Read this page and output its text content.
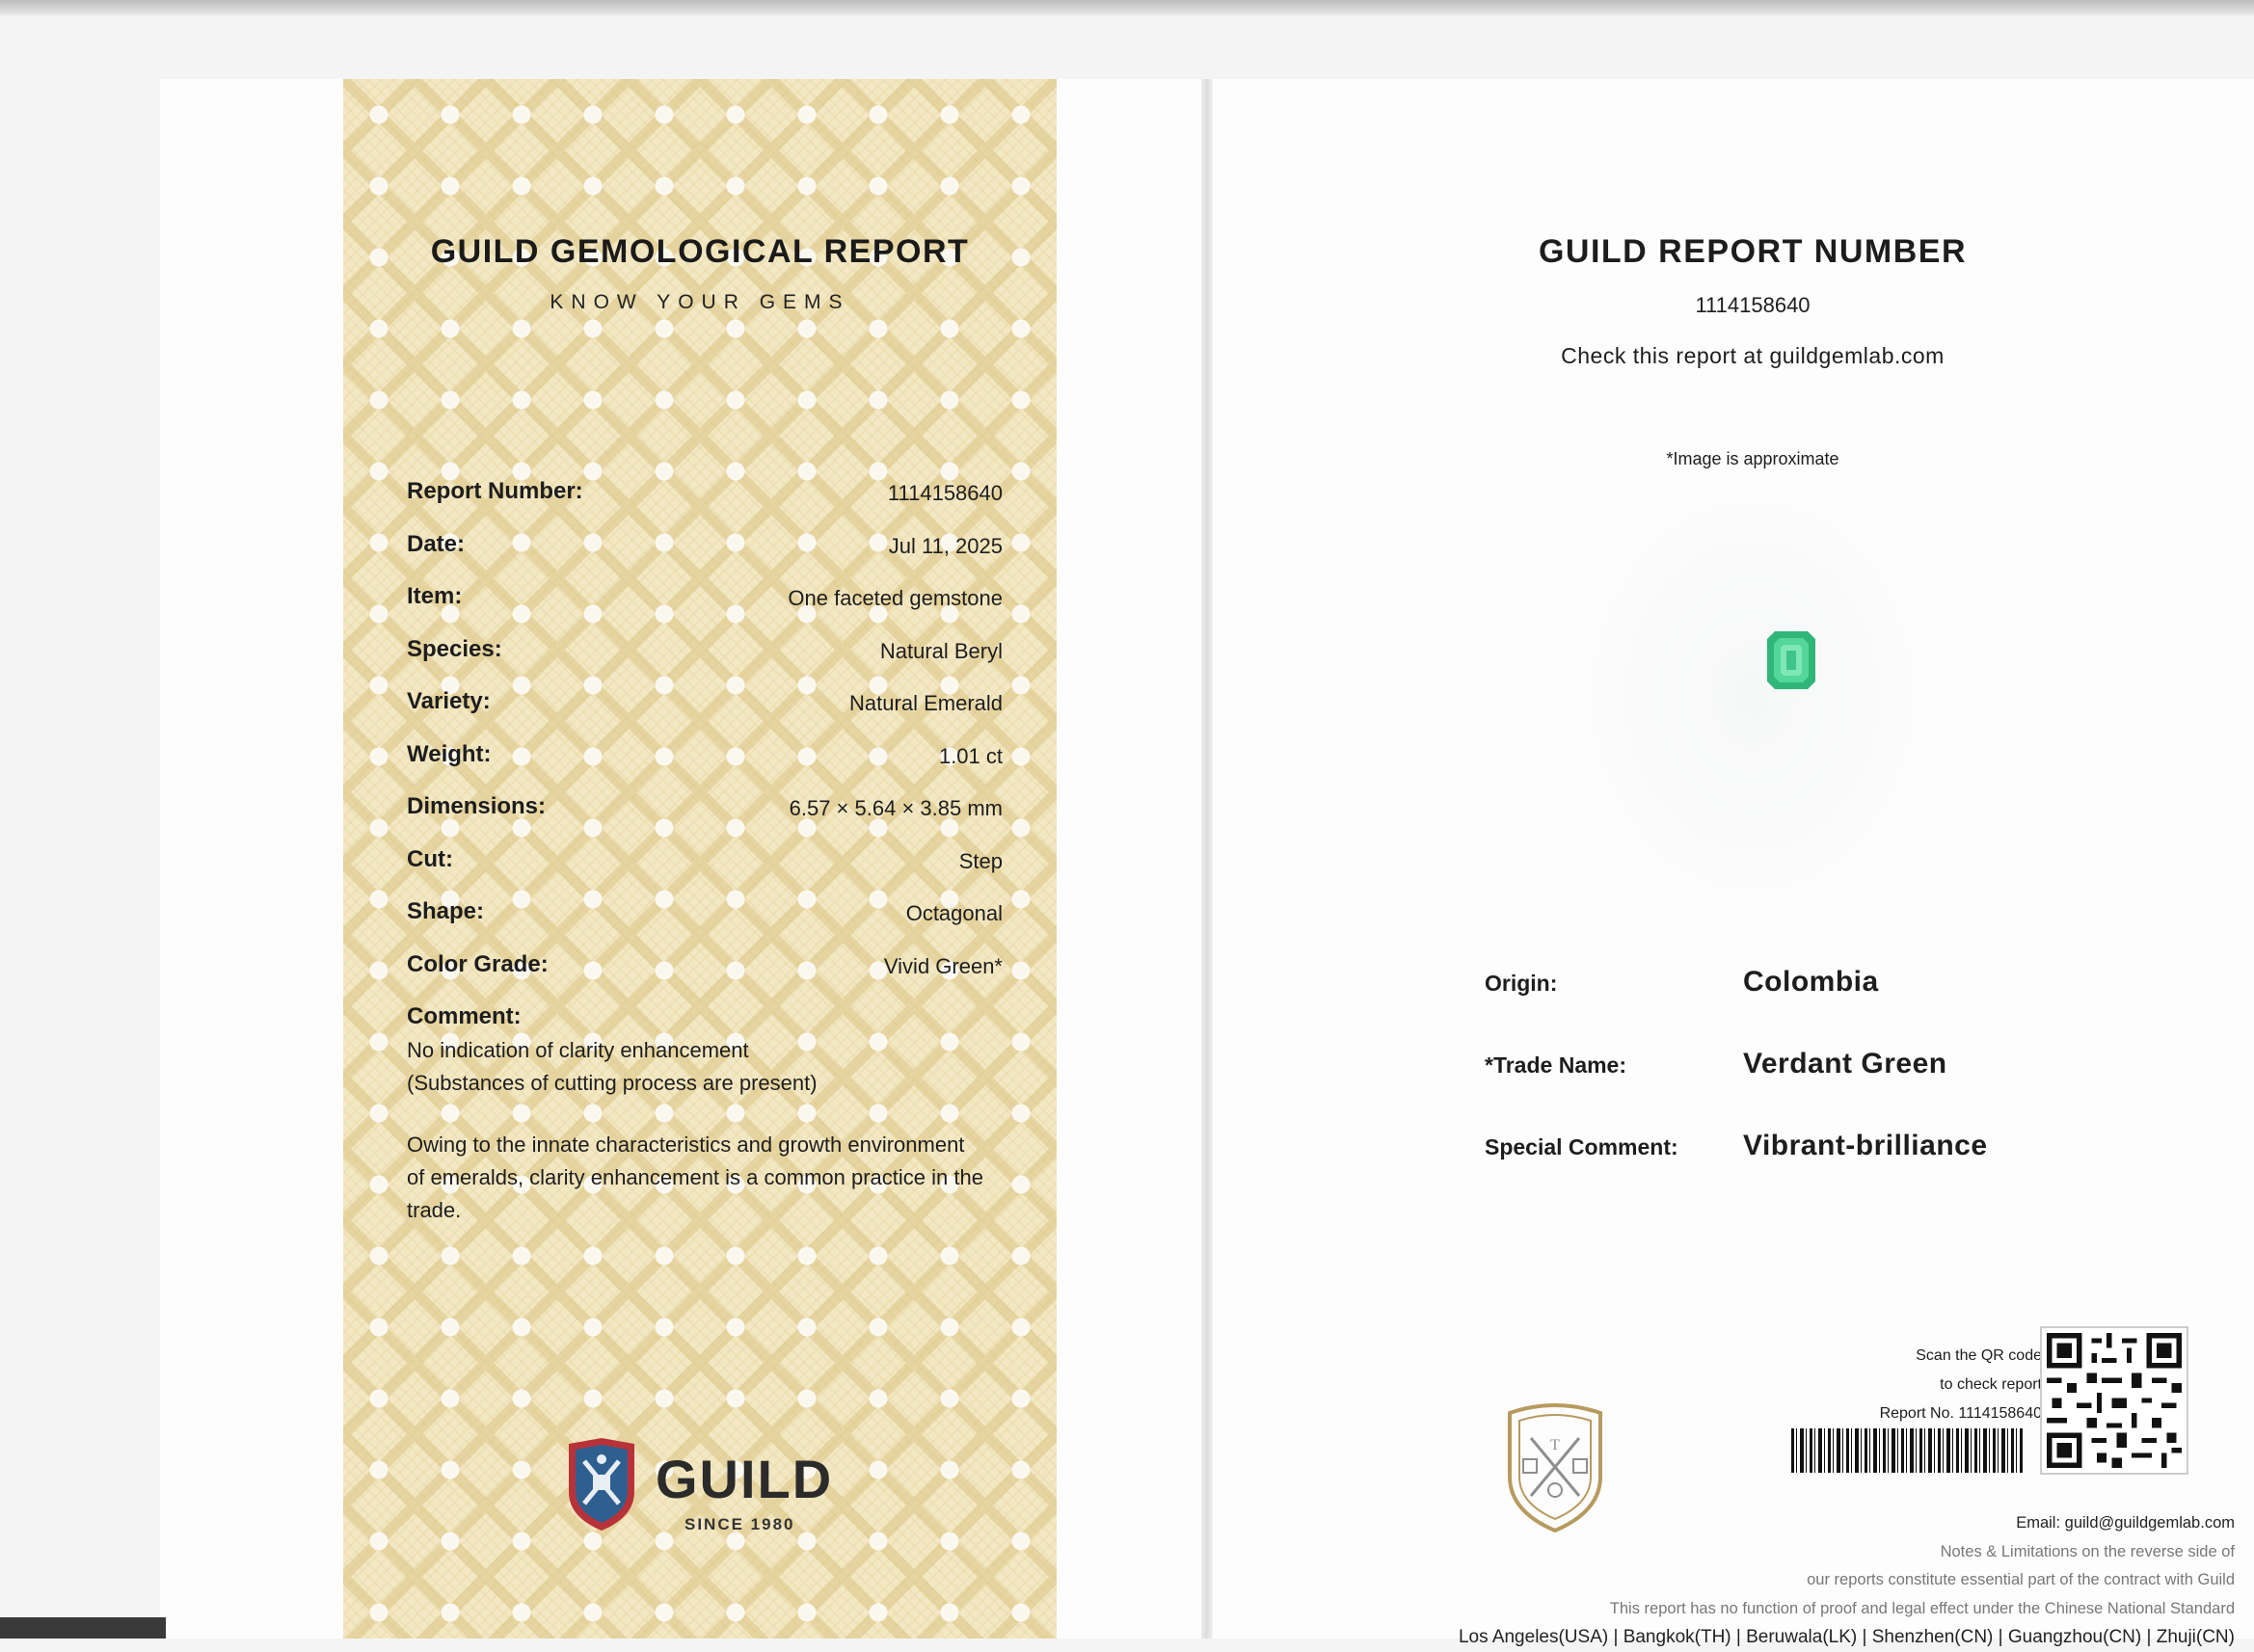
GUILD GEMOLOGICAL REPORT
KNOW YOUR GEMS
Report Number:	1114158640
Date:	Jul 11, 2025
Item:	One faceted gemstone
Species:	Natural Beryl
Variety:	Natural Emerald
Weight:	1.01 ct
Dimensions:	6.57 × 5.64 × 3.85 mm
Cut:	Step
Shape:	Octagonal
Color Grade:	Vivid Green*
Comment:
No indication of clarity enhancement
(Substances of cutting process are present)
Owing to the innate characteristics and growth environment of emeralds, clarity enhancement is a common practice in the trade.
GUILD
SINCE 1980
GUILD REPORT NUMBER
1114158640
Check this report at guildgemlab.com
*Image is approximate
Origin:	Colombia
*Trade Name:	Verdant Green
Special Comment:	Vibrant-brilliance
T
Scan the QR code
to check report
Report No. 1114158640
Email: guild@guildgemlab.com
Notes & Limitations on the reverse side of
our reports constitute essential part of the contract with Guild
This report has no function of proof and legal effect under the Chinese National Standard
Los Angeles(USA) | Bangkok(TH) | Beruwala(LK) | Shenzhen(CN) | Guangzhou(CN) | Zhuji(CN)
